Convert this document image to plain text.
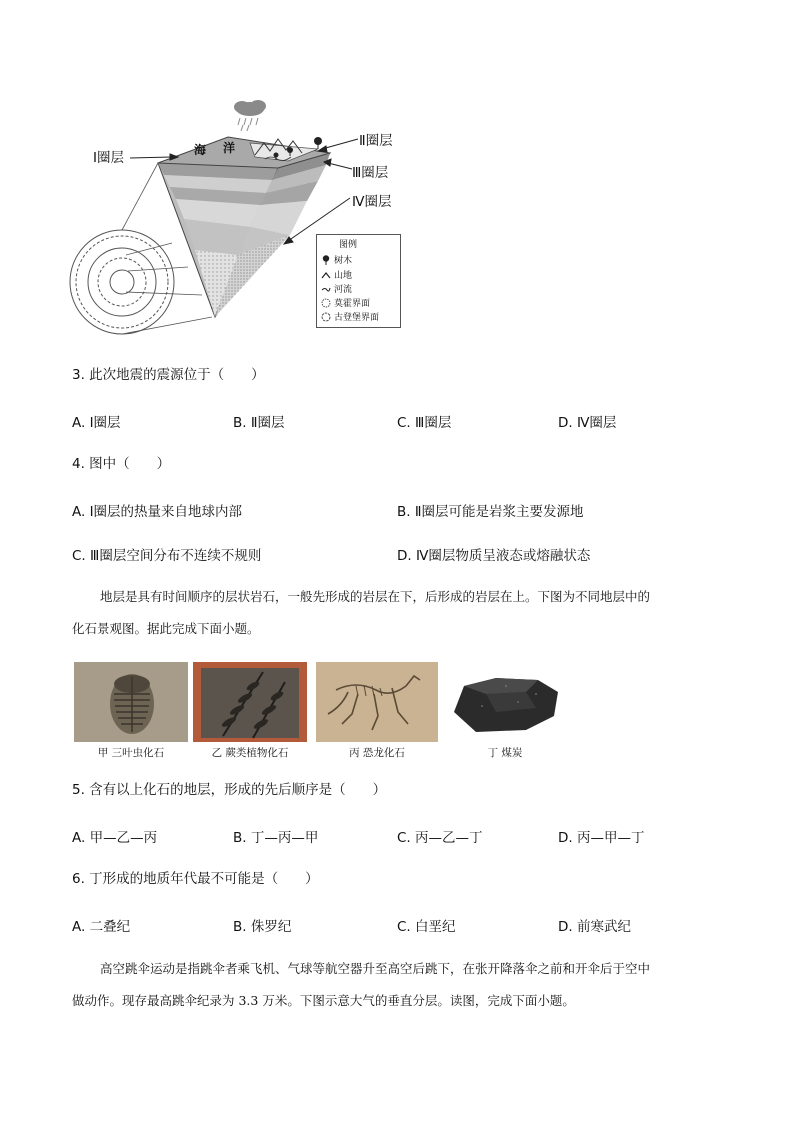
Ⅰ圈层
Ⅱ圈层
Ⅲ圈层
Ⅳ圈层
海 洋
图例
树木
山地
河流
莫霍界面
古登堡界面
3. 此次地震的震源位于（　　）
A. Ⅰ圈层	B. Ⅱ圈层	C. Ⅲ圈层	D. Ⅳ圈层
4. 图中（　　）
A. Ⅰ圈层的热量来自地球内部	B. Ⅱ圈层可能是岩浆主要发源地
C. Ⅲ圈层空间分布不连续不规则	D. Ⅳ圈层物质呈液态或熔融状态
地层是具有时间顺序的层状岩石，一般先形成的岩层在下，后形成的岩层在上。下图为不同地层中的
化石景观图。据此完成下面小题。
甲 三叶虫化石	乙 蕨类植物化石	丙 恐龙化石	丁 煤炭
5. 含有以上化石的地层，形成的先后顺序是（　　）
A. 甲—乙—丙	B. 丁—丙—甲	C. 丙—乙—丁	D. 丙—甲—丁
6. 丁形成的地质年代最不可能是（　　）
A. 二叠纪	B. 侏罗纪	C. 白垩纪	D. 前寒武纪
高空跳伞运动是指跳伞者乘飞机、气球等航空器升至高空后跳下，在张开降落伞之前和开伞后于空中
做动作。现存最高跳伞纪录为 3.3 万米。下图示意大气的垂直分层。读图，完成下面小题。
